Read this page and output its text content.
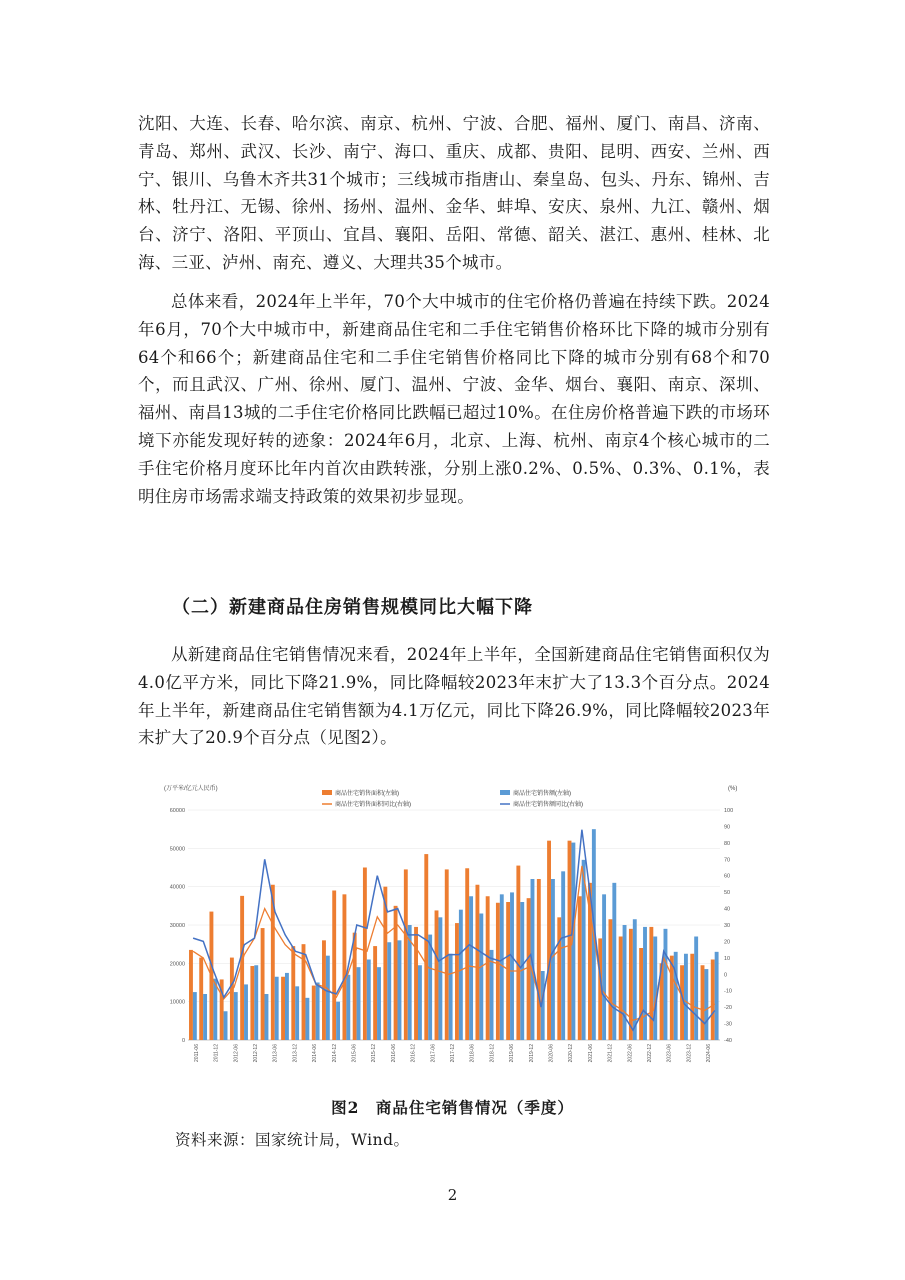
沈阳、大连、长春、哈尔滨、南京、杭州、宁波、合肥、福州、厦门、南昌、济南、青岛、郑州、武汉、长沙、南宁、海口、重庆、成都、贵阳、昆明、西安、兰州、西宁、银川、乌鲁木齐共31个城市；三线城市指唐山、秦皇岛、包头、丹东、锦州、吉林、牡丹江、无锡、徐州、扬州、温州、金华、蚌埠、安庆、泉州、九江、赣州、烟台、济宁、洛阳、平顶山、宜昌、襄阳、岳阳、常德、韶关、湛江、惠州、桂林、北海、三亚、泸州、南充、遵义、大理共35个城市。

总体来看，2024年上半年，70个大中城市的住宅价格仍普遍在持续下跌。2024年6月，70个大中城市中，新建商品住宅和二手住宅销售价格环比下降的城市分别有64个和66个；新建商品住宅和二手住宅销售价格同比下降的城市分别有68个和70个，而且武汉、广州、徐州、厦门、温州、宁波、金华、烟台、襄阳、南京、深圳、福州、南昌13城的二手住宅价格同比跌幅已超过10%。在住房价格普遍下跌的市场环境下亦能发现好转的迹象：2024年6月，北京、上海、杭州、南京4个核心城市的二手住宅价格月度环比年内首次由跌转涨，分别上涨0.2%、0.5%、0.3%、0.1%，表明住房市场需求端支持政策的效果初步显现。

（二）新建商品住房销售规模同比大幅下降

从新建商品住宅销售情况来看，2024年上半年，全国新建商品住宅销售面积仅为4.0亿平方米，同比下降21.9%，同比降幅较2023年末扩大了13.3个百分点。2024年上半年，新建商品住宅销售额为4.1万亿元，同比下降26.9%，同比降幅较2023年末扩大了20.9个百分点（见图2）。

(万平米/亿元人民币)	(%)
商品住宅销售面积(左轴)
商品住宅销售面积同比(右轴)
商品住宅销售额(左轴)
商品住宅销售额同比(右轴)
60000
50000
40000
30000
20000
10000
0
100
90
80
70
60
50
40
30
20
10
0
-10
-20
-30
-40
2011-06	2011-12	2012-06	2012-12	2013-06	2013-12	2014-06	2014-12	2015-06	2015-12	2016-06	2016-12	2017-06	2017-12	2018-06	2018-12	2019-06	2019-12	2020-06	2020-12	2021-06	2021-12	2022-06	2022-12	2023-06	2023-12	2024-06
图2　商品住宅销售情况（季度）
资料来源：国家统计局，Wind。
2
